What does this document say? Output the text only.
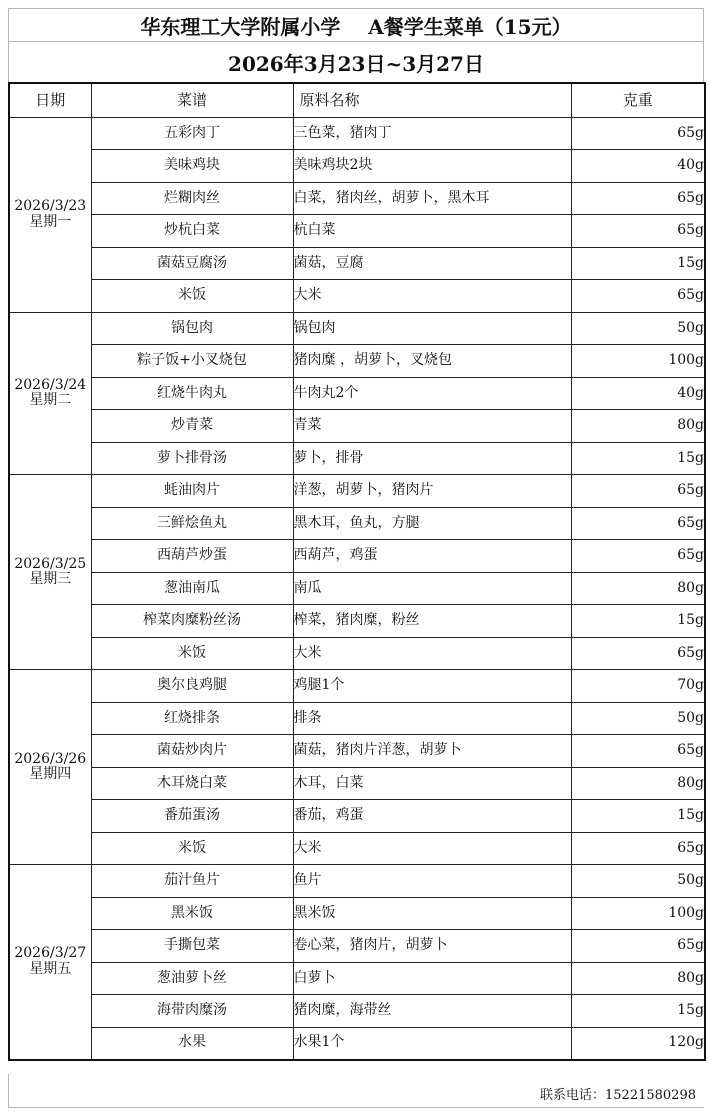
华东理工大学附属小学
A餐学生菜单（15元）
2026年3月23日~3月27日
日期	菜谱	原料名称	克重

2026/3/23
星期一	五彩肉丁	三色菜，猪肉丁	65g
	美味鸡块	美味鸡块2块	40g
	烂糊肉丝	白菜，猪肉丝，胡萝卜，黑木耳	65g
	炒杭白菜	杭白菜	65g
	菌菇豆腐汤	菌菇，豆腐	15g
	米饭	大米	65g

2026/3/24
星期二	锅包肉	锅包肉	50g
	粽子饭+小叉烧包	猪肉糜 ，胡萝卜，叉烧包	100g
	红烧牛肉丸	牛肉丸2个	40g
	炒青菜	青菜	80g
	萝卜排骨汤	萝卜，排骨	15g

2026/3/25
星期三	蚝油肉片	洋葱，胡萝卜，猪肉片	65g
	三鲜烩鱼丸	黑木耳，鱼丸，方腿	65g
	西葫芦炒蛋	西葫芦，鸡蛋	65g
	葱油南瓜	南瓜	80g
	榨菜肉糜粉丝汤	榨菜，猪肉糜，粉丝	15g
	米饭	大米	65g

2026/3/26
星期四	奥尔良鸡腿	鸡腿1个	70g
	红烧排条	排条	50g
	菌菇炒肉片	菌菇，猪肉片洋葱，胡萝卜	65g
	木耳烧白菜	木耳，白菜	80g
	番茄蛋汤	番茄，鸡蛋	15g
	米饭	大米	65g

2026/3/27
星期五	茄汁鱼片	鱼片	50g
	黑米饭	黑米饭	100g
	手撕包菜	卷心菜，猪肉片，胡萝卜	65g
	葱油萝卜丝	白萝卜	80g
	海带肉糜汤	猪肉糜，海带丝	15g
	水果	水果1个	120g
联系电话：15221580298
